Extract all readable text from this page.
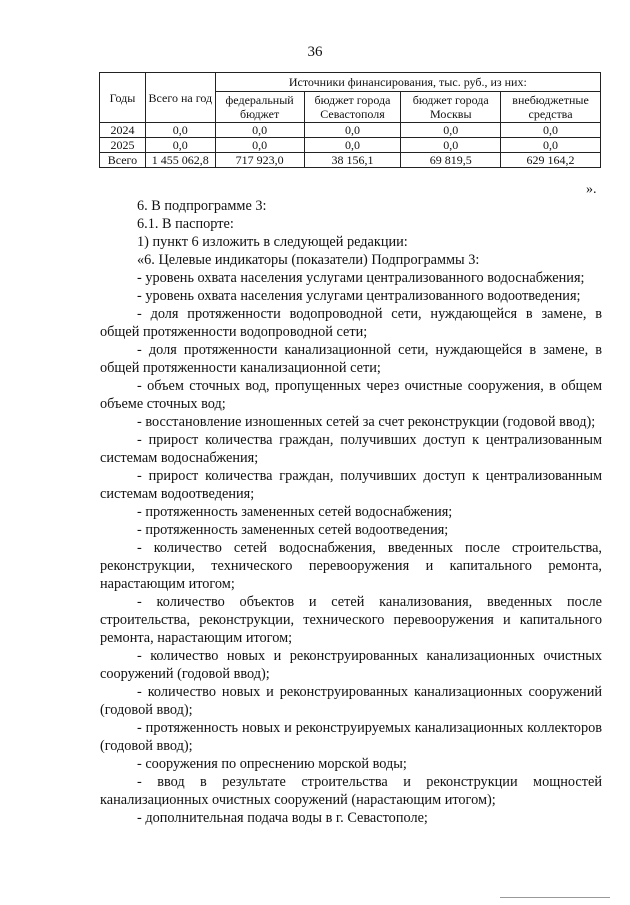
36
Годы	Всего на год	Источники финансирования, тыс. руб., из них:			
		федеральный бюджет	бюджет города Севастополя	бюджет города Москвы	внебюджетные средства
2024	0,0	0,0	0,0	0,0	0,0
2025	0,0	0,0	0,0	0,0	0,0
Всего	1 455 062,8	717 923,0	38 156,1	69 819,5	629 164,2
».

6. В подпрограмме 3:

6.1. В паспорте:

1) пункт 6 изложить в следующей редакции:

«6. Целевые индикаторы (показатели) Подпрограммы 3:

- уровень охвата населения услугами централизованного водоснабжения;

- уровень охвата населения услугами централизованного водоотведения;

- доля протяженности водопроводной сети, нуждающейся в замене, в общей протяженности водопроводной сети;

- доля протяженности канализационной сети, нуждающейся в замене, в общей протяженности канализационной сети;

- объем сточных вод, пропущенных через очистные сооружения, в общем объеме сточных вод;

- восстановление изношенных сетей за счет реконструкции (годовой ввод);

- прирост количества граждан, получивших доступ к централизованным системам водоснабжения;

- прирост количества граждан, получивших доступ к централизованным системам водоотведения;

- протяженность замененных сетей водоснабжения;

- протяженность замененных сетей водоотведения;

- количество сетей водоснабжения, введенных после строительства, реконструкции, технического перевооружения и капитального ремонта, нарастающим итогом;

- количество объектов и сетей канализования, введенных после строительства, реконструкции, технического перевооружения и капитального ремонта, нарастающим итогом;

- количество новых и реконструированных канализационных очистных сооружений (годовой ввод);

- количество новых и реконструированных канализационных сооружений (годовой ввод);

- протяженность новых и реконструируемых канализационных коллекторов (годовой ввод);

- сооружения по опреснению морской воды;

- ввод в результате строительства и реконструкции мощностей канализационных очистных сооружений (нарастающим итогом);

- дополнительная подача воды в г. Севастополе;
